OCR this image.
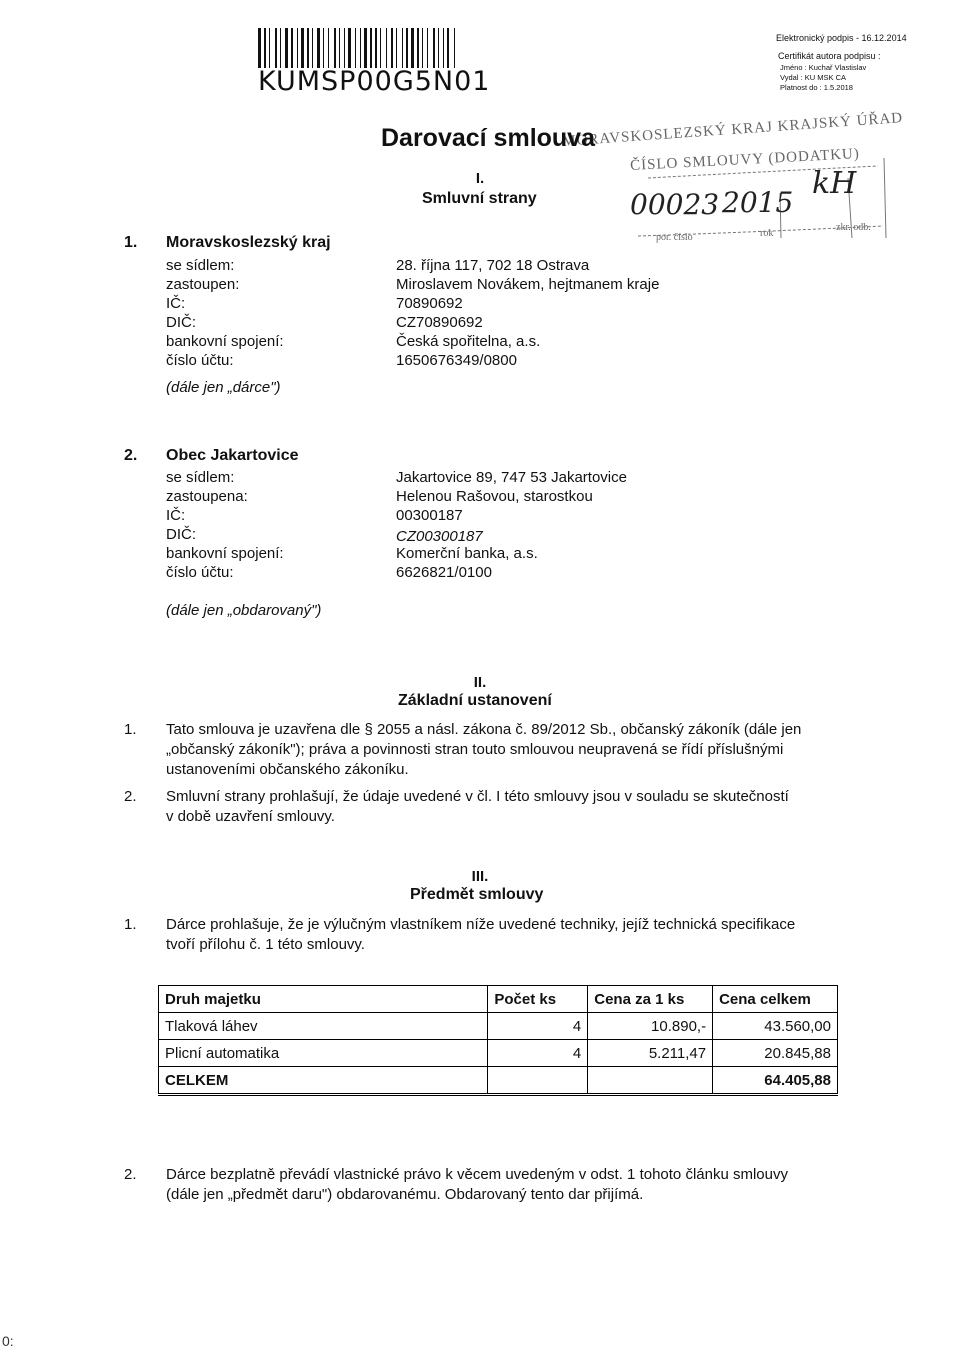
KUMSP00G5N01
Elektronický podpis - 16.12.2014
Certifikát autora podpisu :
Jméno : Kuchař Vlastislav
Vydal : KU MSK CA
Platnost do : 1.5.2018
MORAVSKOSLEZSKÝ KRAJ KRAJSKÝ ÚŘAD
ČÍSLO SMLOUVY (DODATKU)
00023 2015
kH
por. číslo	rok
zkr. odb.
Darovací smlouva
I.
Smluvní strany
1. Moravskoslezský kraj
se sídlem:	28. října 117, 702 18 Ostrava
zastoupen:	Miroslavem Novákem, hejtmanem kraje
IČ:	70890692
DIČ:	CZ70890692
bankovní spojení:	Česká spořitelna, a.s.
číslo účtu:	1650676349/0800
(dále jen „dárce")
2. Obec Jakartovice
se sídlem:	Jakartovice 89, 747 53 Jakartovice
zastoupena:	Helenou Rašovou, starostkou
IČ:	00300187
DIČ:	CZ00300187
bankovní spojení:	Komerční banka, a.s.
číslo účtu:	6626821/0100
(dále jen „obdarovaný")
II.
Základní ustanovení
1. Tato smlouva je uzavřena dle § 2055 a násl. zákona č. 89/2012 Sb., občanský zákoník (dále jen
„občanský zákoník"); práva a povinnosti stran touto smlouvou neupravená se řídí příslušnými
ustanoveními občanského zákoníku.
2. Smluvní strany prohlašují, že údaje uvedené v čl. I této smlouvy jsou v souladu se skutečností
v době uzavření smlouvy.
III.
Předmět smlouvy
1. Dárce prohlašuje, že je výlučným vlastníkem níže uvedené techniky, jejíž technická specifikace
tvoří přílohu č. 1 této smlouvy.
Druh majetku	Počet ks	Cena za 1 ks	Cena celkem
Tlaková láhev	4	10.890,-	43.560,00
Plicní automatika	4	5.211,47	20.845,88
CELKEM			64.405,88
2. Dárce bezplatně převádí vlastnické právo k věcem uvedeným v odst. 1 tohoto článku smlouvy
(dále jen „předmět daru") obdarovanému. Obdarovaný tento dar přijímá.
0:
